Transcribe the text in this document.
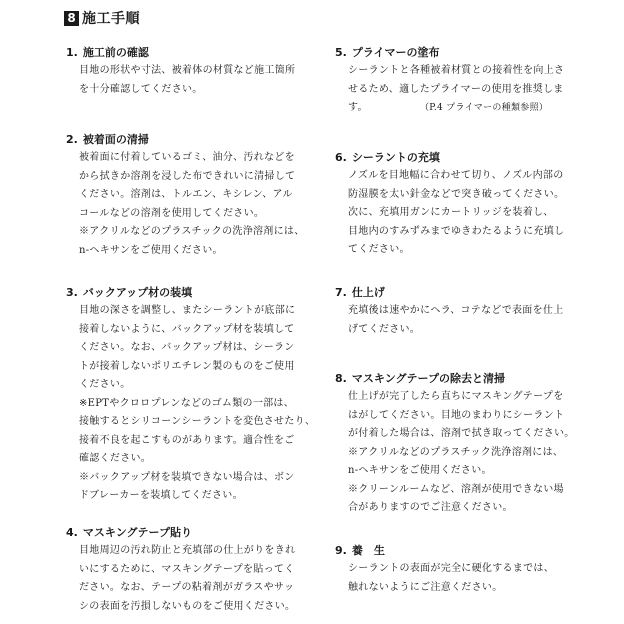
8 施工手順
1. 施工前の確認
目地の形状や寸法、被着体の材質など施工箇所
を十分確認してください。
2. 被着面の清掃
被着面に付着しているゴミ、油分、汚れなどを
から拭きか溶剤を浸した布できれいに清掃して
ください。溶剤は、トルエン、キシレン、アル
コールなどの溶剤を使用してください。
※アクリルなどのプラスチックの洗浄溶剤には、
n-ヘキサンをご使用ください。
3. バックアップ材の装填
目地の深さを調整し、またシーラントが底部に
接着しないように、バックアップ材を装填して
ください。なお、バックアップ材は、シーラン
トが接着しないポリエチレン製のものをご使用
ください。
※EPTやクロロプレンなどのゴム類の一部は、
接触するとシリコーンシーラントを変色させたり、
接着不良を起こすものがあります。適合性をご
確認ください。
※バックアップ材を装填できない場合は、ボン
ドブレーカーを装填してください。
4. マスキングテープ貼り
目地周辺の汚れ防止と充填部の仕上がりをきれ
いにするために、マスキングテープを貼ってく
ださい。なお、テープの粘着剤がガラスやサッ
シの表面を汚損しないものをご使用ください。
5. プライマーの塗布
シーラントと各種被着材質との接着性を向上さ
せるため、適したプライマーの使用を推奨しま
す。	（P.4 プライマーの種類参照）
6. シーラントの充填
ノズルを目地幅に合わせて切り、ノズル内部の
防湿膜を太い針金などで突き破ってください。
次に、充填用ガンにカートリッジを装着し、
目地内のすみずみまでゆきわたるように充填し
てください。
7. 仕上げ
充填後は速やかにヘラ、コテなどで表面を仕上
げてください。
8. マスキングテープの除去と清掃
仕上げが完了したら直ちにマスキングテープを
はがしてください。目地のまわりにシーラント
が付着した場合は、溶剤で拭き取ってください。
※アクリルなどのプラスチック洗浄溶剤には、
n-ヘキサンをご使用ください。
※クリーンルームなど、溶剤が使用できない場
合がありますのでご注意ください。
9. 養　生
シーラントの表面が完全に硬化するまでは、
触れないようにご注意ください。
